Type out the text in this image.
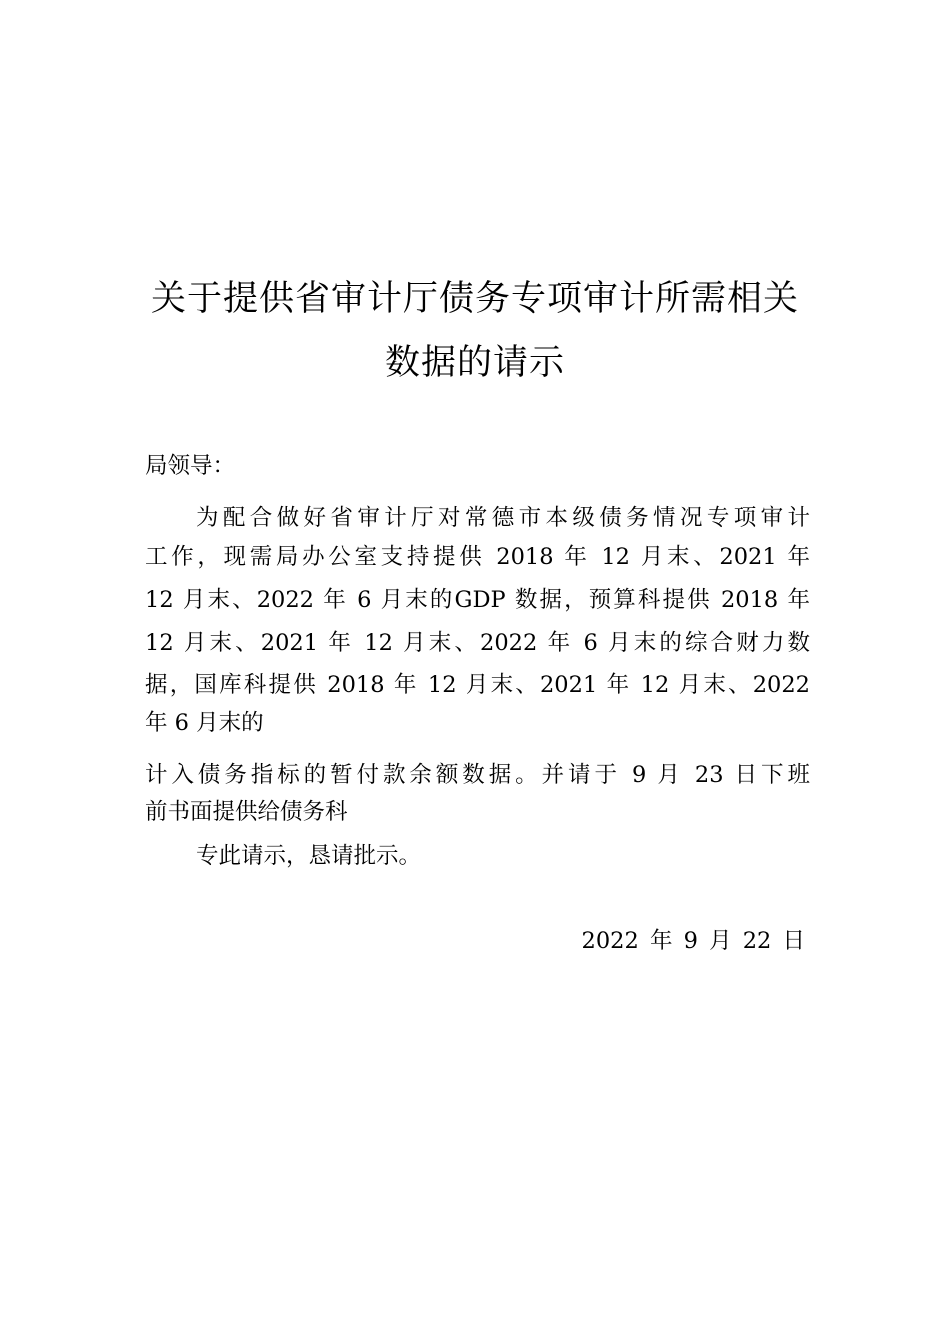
关于提供省审计厅债务专项审计所需相关
数据的请示
局领导：
为配合做好省审计厅对常德市本级债务情况专项审计
工作，现需局办公室支持提供 2018 年 12 月末、2021 年
12 月末、2022 年 6 月末的GDP 数据，预算科提供 2018 年
12 月末、2021 年 12 月末、2022 年 6 月末的综合财力数
据，国库科提供 2018 年 12 月末、2021 年 12 月末、2022
年 6 月末的
计入债务指标的暂付款余额数据。并请于 9 月 23 日下班
前书面提供给债务科
专此请示，恳请批示。
2022 年 9 月 22 日
